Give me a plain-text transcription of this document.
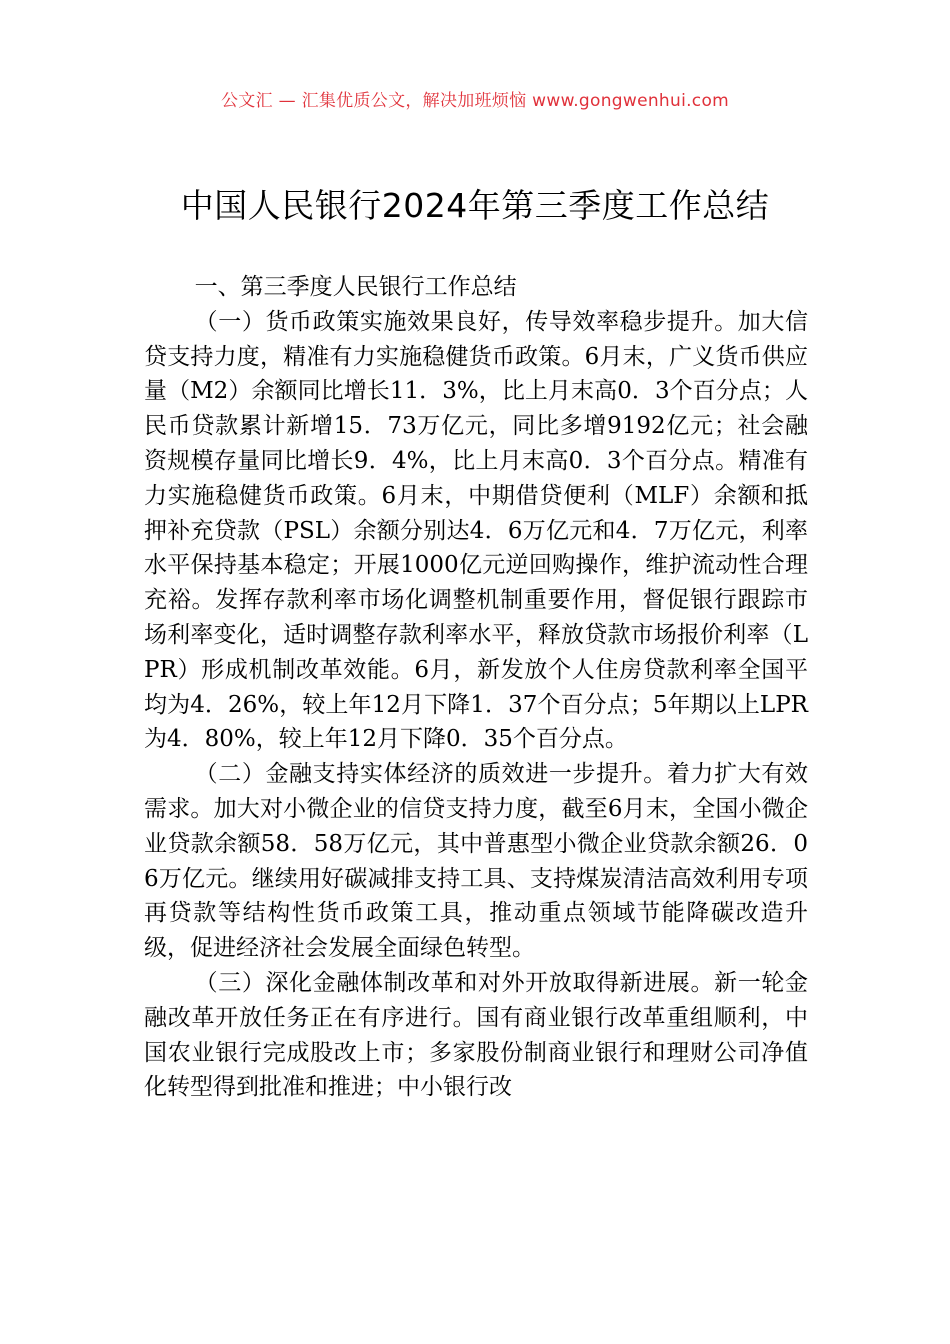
公文汇 — 汇集优质公文，解决加班烦恼 www.gongwenhui.com
中国人民银行2024年第三季度工作总结

一、第三季度人民银行工作总结

（一）货币政策实施效果良好，传导效率稳步提升。加大信贷支持力度，精准有力实施稳健货币政策。6月末，广义货币供应量（M2）余额同比增长11．3%，比上月末高0．3个百分点；人民币贷款累计新增15．73万亿元，同比多增9192亿元；社会融资规模存量同比增长9．4%，比上月末高0．3个百分点。精准有力实施稳健货币政策。6月末，中期借贷便利（MLF）余额和抵押补充贷款（PSL）余额分别达4．6万亿元和4．7万亿元，利率水平保持基本稳定；开展1000亿元逆回购操作，维护流动性合理充裕。发挥存款利率市场化调整机制重要作用，督促银行跟踪市场利率变化，适时调整存款利率水平，释放贷款市场报价利率（LPR）形成机制改革效能。6月，新发放个人住房贷款利率全国平均为4．26%，较上年12月下降1．37个百分点；5年期以上LPR为4．80%，较上年12月下降0．35个百分点。

（二）金融支持实体经济的质效进一步提升。着力扩大有效需求。加大对小微企业的信贷支持力度，截至6月末，全国小微企业贷款余额58．58万亿元，其中普惠型小微企业贷款余额26．06万亿元。继续用好碳减排支持工具、支持煤炭清洁高效利用专项再贷款等结构性货币政策工具，推动重点领域节能降碳改造升级，促进经济社会发展全面绿色转型。

（三）深化金融体制改革和对外开放取得新进展。新一轮金融改革开放任务正在有序进行。国有商业银行改革重组顺利，中国农业银行完成股改上市；多家股份制商业银行和理财公司净值化转型得到批准和推进；中小银行改
